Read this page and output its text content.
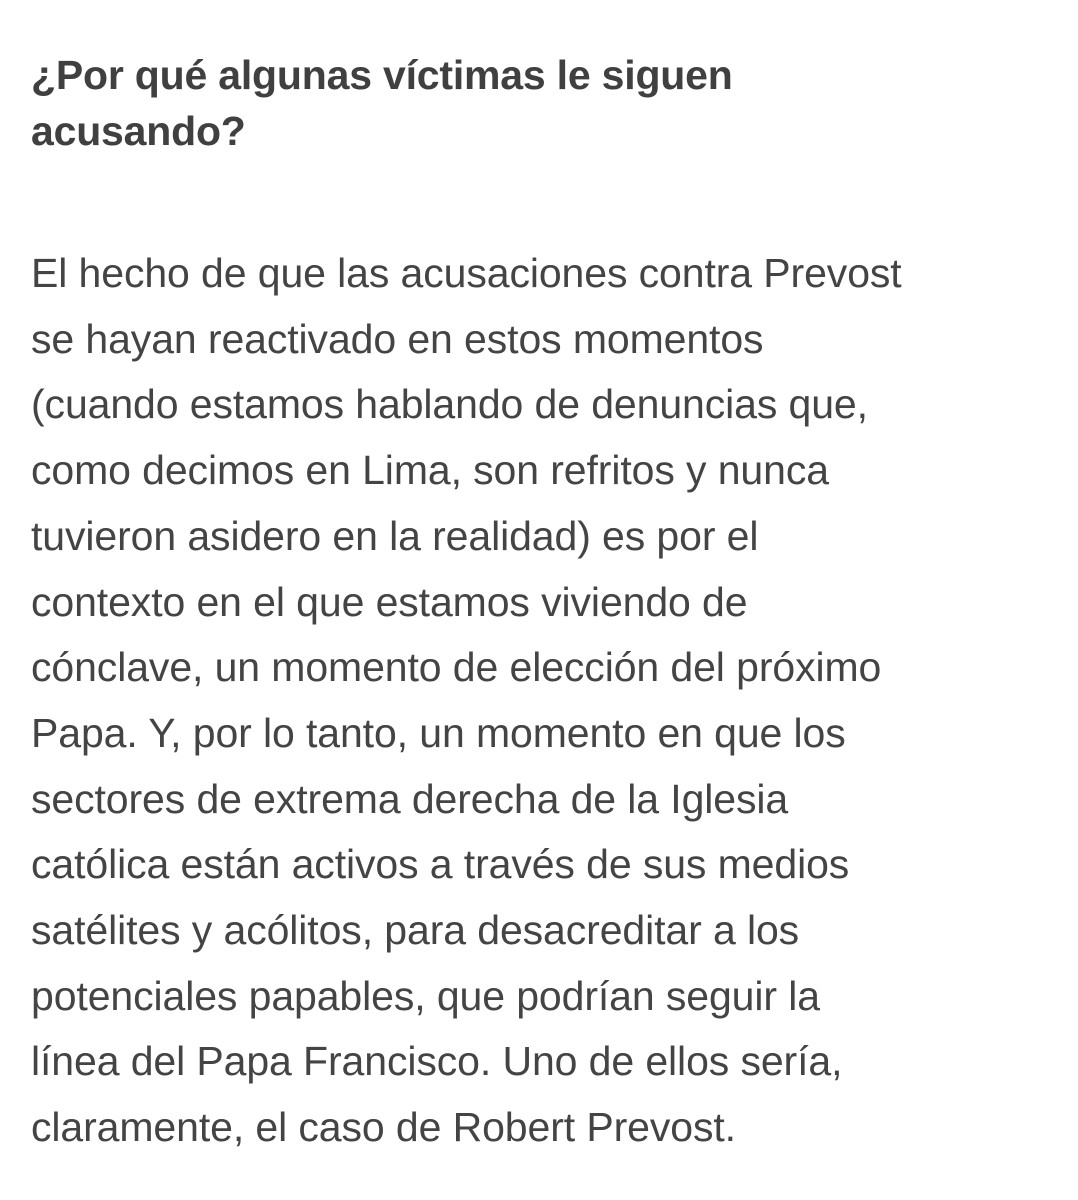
¿Por qué algunas víctimas le siguen
acusando?

El hecho de que las acusaciones contra Prevost
se hayan reactivado en estos momentos
(cuando estamos hablando de denuncias que,
como decimos en Lima, son refritos y nunca
tuvieron asidero en la realidad) es por el
contexto en el que estamos viviendo de
cónclave, un momento de elección del próximo
Papa. Y, por lo tanto, un momento en que los
sectores de extrema derecha de la Iglesia
católica están activos a través de sus medios
satélites y acólitos, para desacreditar a los
potenciales papables, que podrían seguir la
línea del Papa Francisco. Uno de ellos sería,
claramente, el caso de Robert Prevost.
